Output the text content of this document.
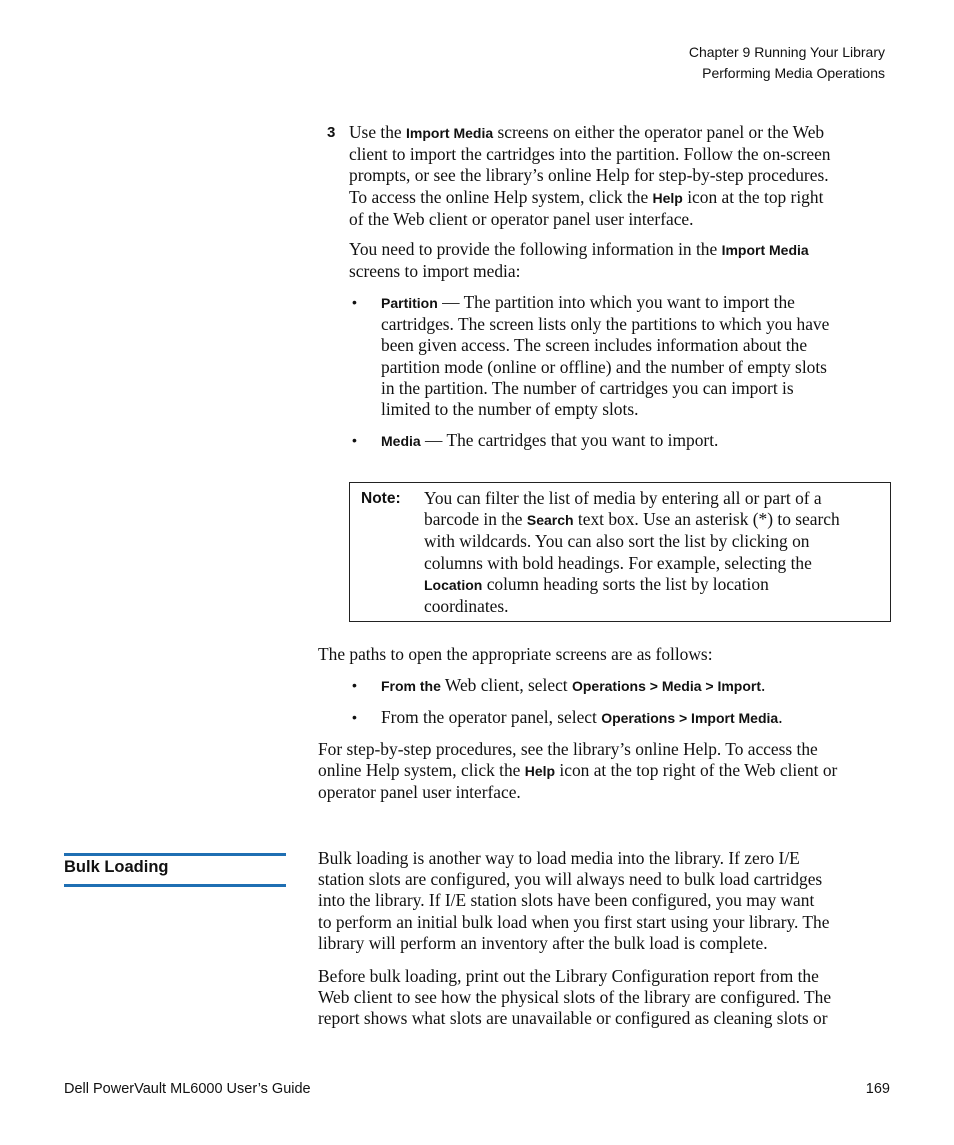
Chapter 9 Running Your Library
Performing Media Operations
3 Use the Import Media screens on either the operator panel or the Web
client to import the cartridges into the partition. Follow the on-screen
prompts, or see the library’s online Help for step-by-step procedures.
To access the online Help system, click the Help icon at the top right
of the Web client or operator panel user interface.
You need to provide the following information in the Import Media
screens to import media:
• Partition — The partition into which you want to import the
cartridges. The screen lists only the partitions to which you have
been given access. The screen includes information about the
partition mode (online or offline) and the number of empty slots
in the partition. The number of cartridges you can import is
limited to the number of empty slots.
• Media — The cartridges that you want to import.
Note: You can filter the list of media by entering all or part of a
barcode in the Search text box. Use an asterisk (*) to search
with wildcards. You can also sort the list by clicking on
columns with bold headings. For example, selecting the
Location column heading sorts the list by location
coordinates.
The paths to open the appropriate screens are as follows:
• From the Web client, select Operations > Media > Import.
• From the operator panel, select Operations > Import Media.
For step-by-step procedures, see the library’s online Help. To access the
online Help system, click the Help icon at the top right of the Web client or
operator panel user interface.
Bulk Loading	Bulk loading is another way to load media into the library. If zero I/E
station slots are configured, you will always need to bulk load cartridges
into the library. If I/E station slots have been configured, you may want
to perform an initial bulk load when you first start using your library. The
library will perform an inventory after the bulk load is complete.
Before bulk loading, print out the Library Configuration report from the
Web client to see how the physical slots of the library are configured. The
report shows what slots are unavailable or configured as cleaning slots or
Dell PowerVault ML6000 User’s Guide	169
